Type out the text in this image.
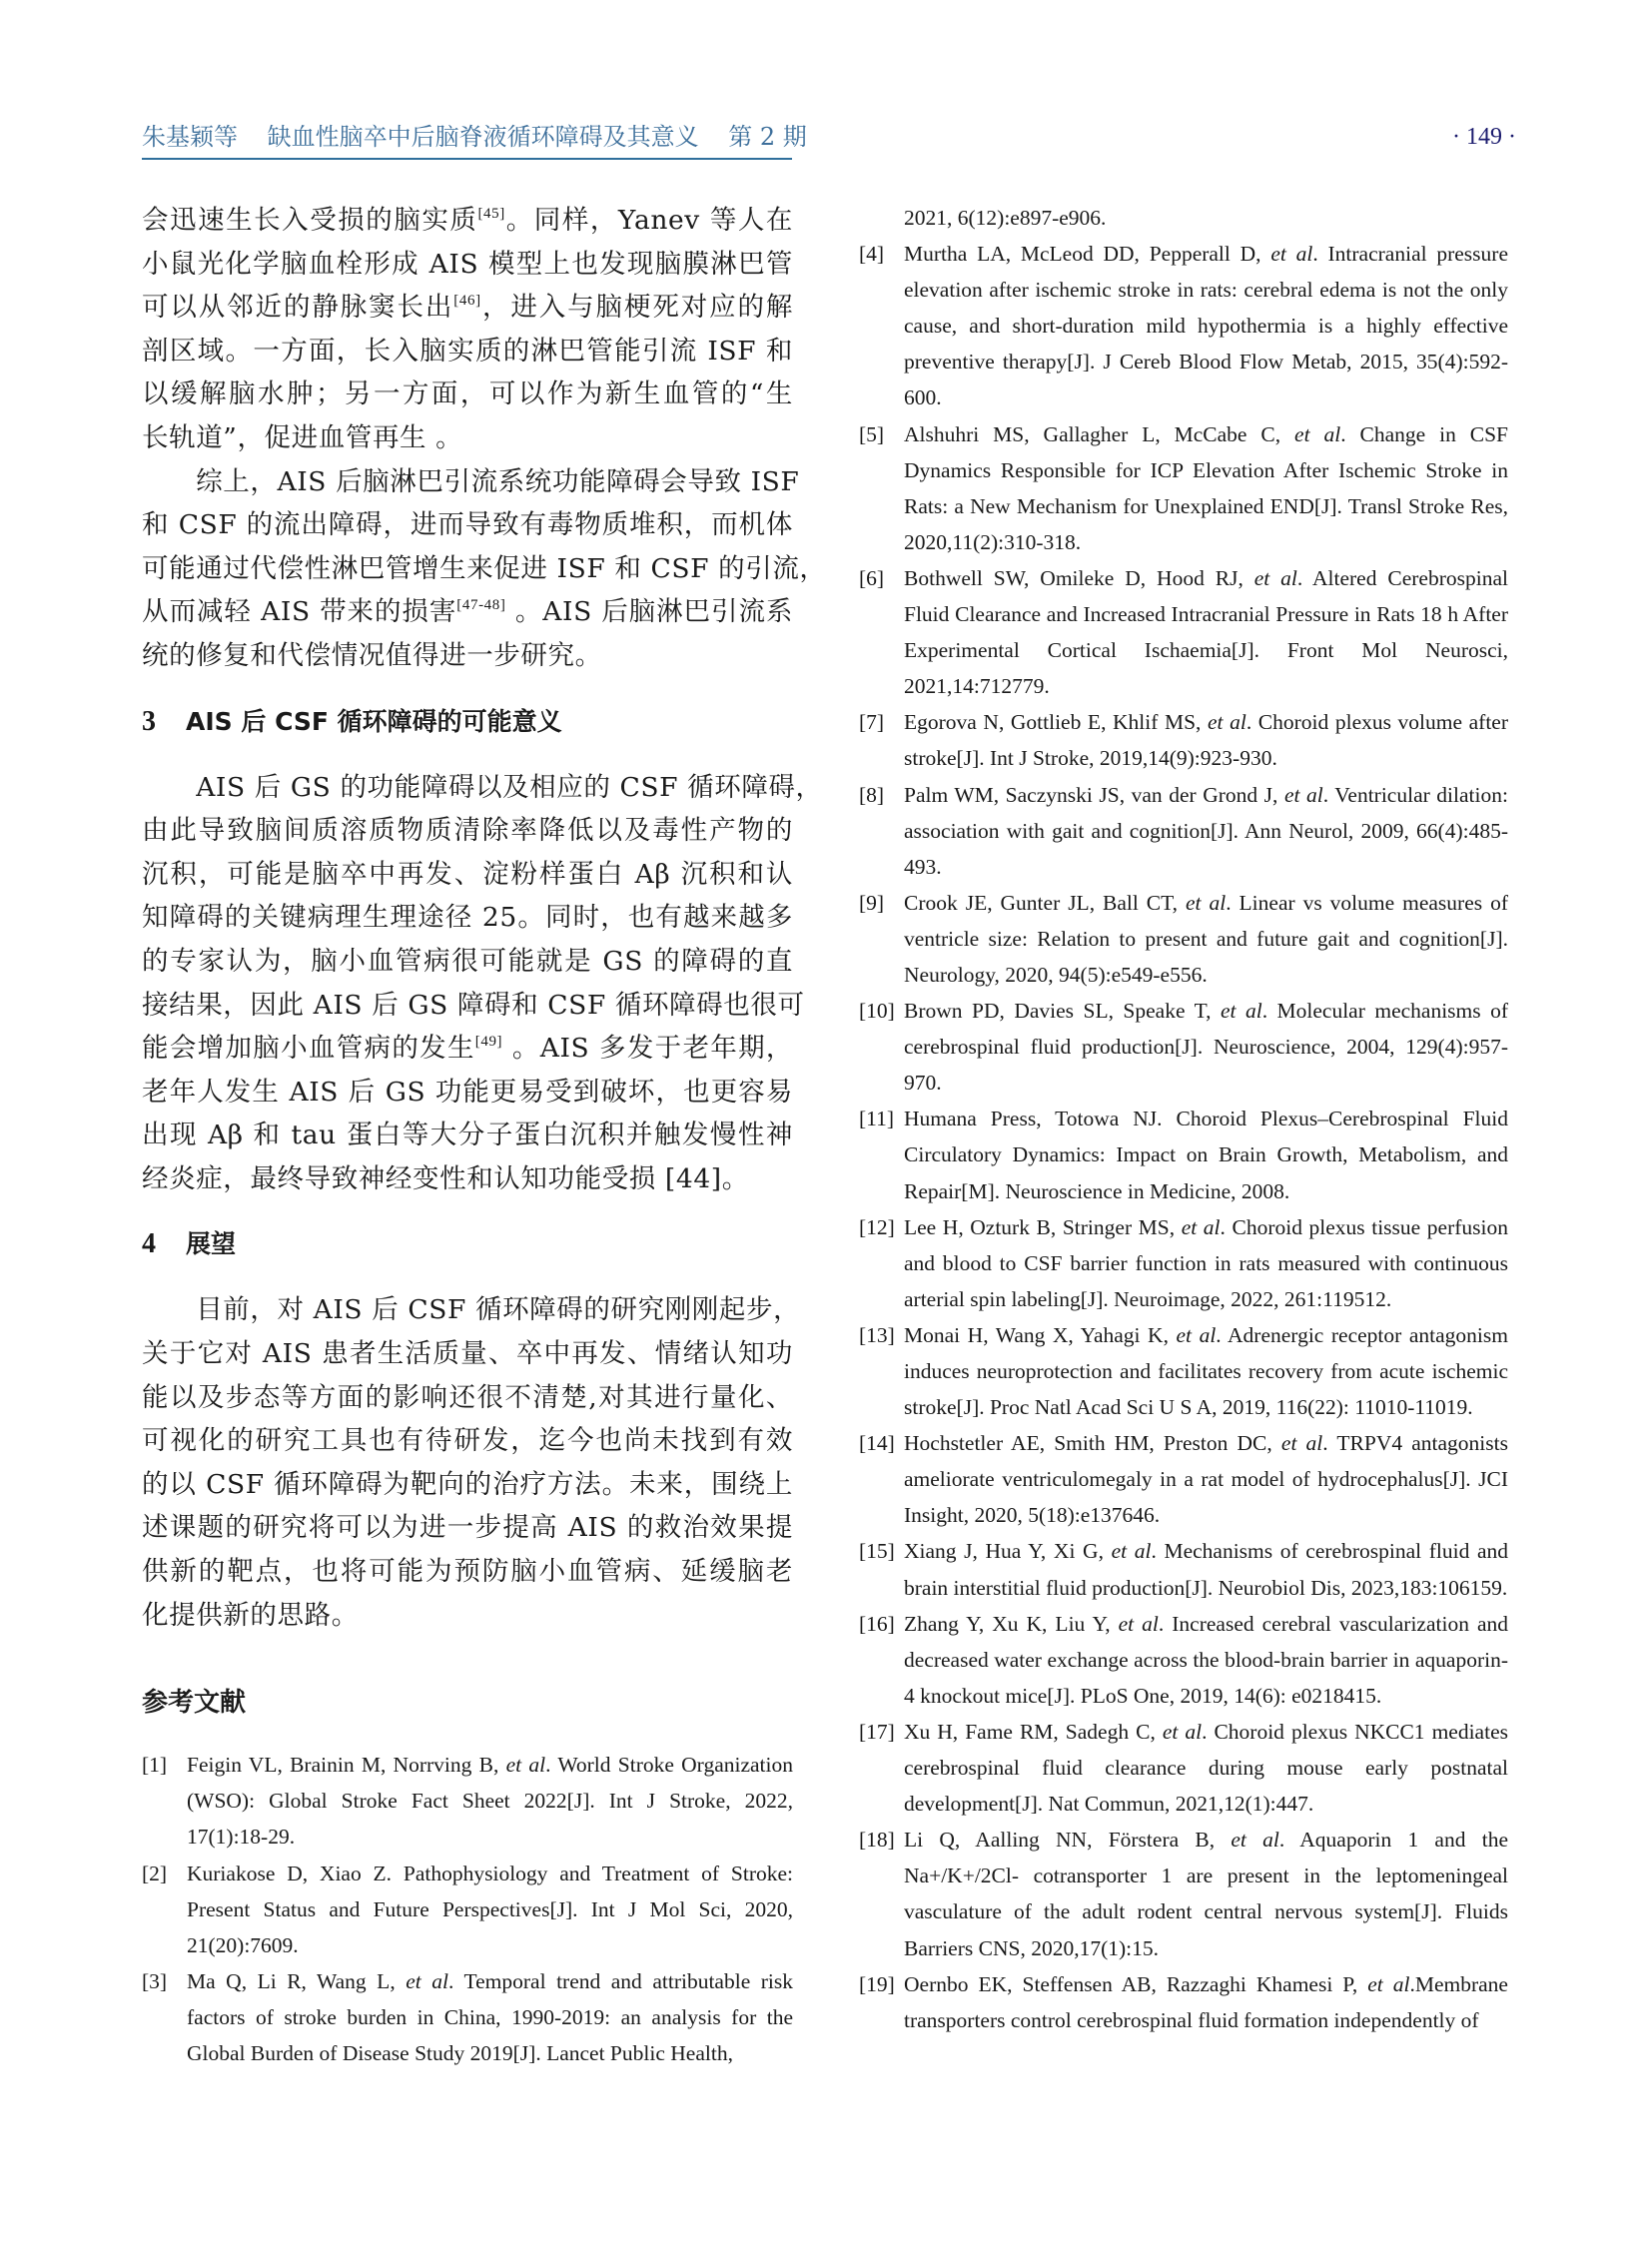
朱基颖等 缺血性脑卒中后脑脊液循环障碍及其意义 第 2 期	· 149 ·
会迅速生长入受损的脑实质[45]。同样，Yanev 等人在
小鼠光化学脑血栓形成 AIS 模型上也发现脑膜淋巴管
可以从邻近的静脉窦长出[46]，进入与脑梗死对应的解
剖区域。一方面，长入脑实质的淋巴管能引流 ISF 和
以缓解脑水肿；另一方面，可以作为新生血管的“生
长轨道”，促进血管再生 。
　　综上，AIS 后脑淋巴引流系统功能障碍会导致 ISF
和 CSF 的流出障碍，进而导致有毒物质堆积，而机体
可能通过代偿性淋巴管增生来促进 ISF 和 CSF 的引流，
从而减轻 AIS 带来的损害[47-48] 。AIS 后脑淋巴引流系
统的修复和代偿情况值得进一步研究。
3 AIS 后 CSF 循环障碍的可能意义
　　AIS 后 GS 的功能障碍以及相应的 CSF 循环障碍，
由此导致脑间质溶质物质清除率降低以及毒性产物的
沉积，可能是脑卒中再发、淀粉样蛋白 Aβ 沉积和认
知障碍的关键病理生理途径 25。同时，也有越来越多
的专家认为，脑小血管病很可能就是 GS 的障碍的直
接结果，因此 AIS 后 GS 障碍和 CSF 循环障碍也很可
能会增加脑小血管病的发生[49] 。AIS 多发于老年期，
老年人发生 AIS 后 GS 功能更易受到破坏，也更容易
出现 Aβ 和 tau 蛋白等大分子蛋白沉积并触发慢性神
经炎症，最终导致神经变性和认知功能受损 [44]。
4 展望
　　目前，对 AIS 后 CSF 循环障碍的研究刚刚起步，
关于它对 AIS 患者生活质量、卒中再发、情绪认知功
能以及步态等方面的影响还很不清楚,对其进行量化、
可视化的研究工具也有待研发，迄今也尚未找到有效
的以 CSF 循环障碍为靶向的治疗方法。未来，围绕上
述课题的研究将可以为进一步提高 AIS 的救治效果提
供新的靶点，也将可能为预防脑小血管病、延缓脑老
化提供新的思路。
参考文献
[1] Feigin VL, Brainin M, Norrving B, et al. World Stroke Organization (WSO): Global Stroke Fact Sheet 2022[J]. Int J Stroke, 2022, 17(1):18-29.
[2] Kuriakose D, Xiao Z. Pathophysiology and Treatment of Stroke: Present Status and Future Perspectives[J]. Int J Mol Sci, 2020, 21(20):7609.
[3] Ma Q, Li R, Wang L, et al. Temporal trend and attributable risk factors of stroke burden in China, 1990-2019: an analysis for the Global Burden of Disease Study 2019[J]. Lancet Public Health,
2021, 6(12):e897-e906.
[4] Murtha LA, McLeod DD, Pepperall D, et al. Intracranial pressure elevation after ischemic stroke in rats: cerebral edema is not the only cause, and short-duration mild hypothermia is a highly effective preventive therapy[J]. J Cereb Blood Flow Metab, 2015, 35(4):592-600.
[5] Alshuhri MS, Gallagher L, McCabe C, et al. Change in CSF Dynamics Responsible for ICP Elevation After Ischemic Stroke in Rats: a New Mechanism for Unexplained END[J]. Transl Stroke Res, 2020,11(2):310-318.
[6] Bothwell SW, Omileke D, Hood RJ, et al. Altered Cerebrospinal Fluid Clearance and Increased Intracranial Pressure in Rats 18 h After Experimental Cortical Ischaemia[J]. Front Mol Neurosci, 2021,14:712779.
[7] Egorova N, Gottlieb E, Khlif MS, et al. Choroid plexus volume after stroke[J]. Int J Stroke, 2019,14(9):923-930.
[8] Palm WM, Saczynski JS, van der Grond J, et al. Ventricular dilation: association with gait and cognition[J]. Ann Neurol, 2009, 66(4):485-493.
[9] Crook JE, Gunter JL, Ball CT, et al. Linear vs volume measures of ventricle size: Relation to present and future gait and cognition[J]. Neurology, 2020, 94(5):e549-e556.
[10] Brown PD, Davies SL, Speake T, et al. Molecular mechanisms of cerebrospinal fluid production[J]. Neuroscience, 2004, 129(4):957-970.
[11] Humana Press, Totowa NJ. Choroid Plexus–Cerebrospinal Fluid Circulatory Dynamics: Impact on Brain Growth, Metabolism, and Repair[M]. Neuroscience in Medicine, 2008.
[12] Lee H, Ozturk B, Stringer MS, et al. Choroid plexus tissue perfusion and blood to CSF barrier function in rats measured with continuous arterial spin labeling[J]. Neuroimage, 2022, 261:119512.
[13] Monai H, Wang X, Yahagi K, et al. Adrenergic receptor antagonism induces neuroprotection and facilitates recovery from acute ischemic stroke[J]. Proc Natl Acad Sci U S A, 2019, 116(22): 11010-11019.
[14] Hochstetler AE, Smith HM, Preston DC, et al. TRPV4 antagonists ameliorate ventriculomegaly in a rat model of hydrocephalus[J]. JCI Insight, 2020, 5(18):e137646.
[15] Xiang J, Hua Y, Xi G, et al. Mechanisms of cerebrospinal fluid and brain interstitial fluid production[J]. Neurobiol Dis, 2023,183:106159.
[16] Zhang Y, Xu K, Liu Y, et al. Increased cerebral vascularization and decreased water exchange across the blood-brain barrier in aquaporin-4 knockout mice[J]. PLoS One, 2019, 14(6): e0218415.
[17] Xu H, Fame RM, Sadegh C, et al. Choroid plexus NKCC1 mediates cerebrospinal fluid clearance during mouse early postnatal development[J]. Nat Commun, 2021,12(1):447.
[18] Li Q, Aalling NN, Förstera B, et al. Aquaporin 1 and the Na+/K+/2Cl- cotransporter 1 are present in the leptomeningeal vasculature of the adult rodent central nervous system[J]. Fluids Barriers CNS, 2020,17(1):15.
[19] Oernbo EK, Steffensen AB, Razzaghi Khamesi P, et al.Membrane transporters control cerebrospinal fluid formation independently of
